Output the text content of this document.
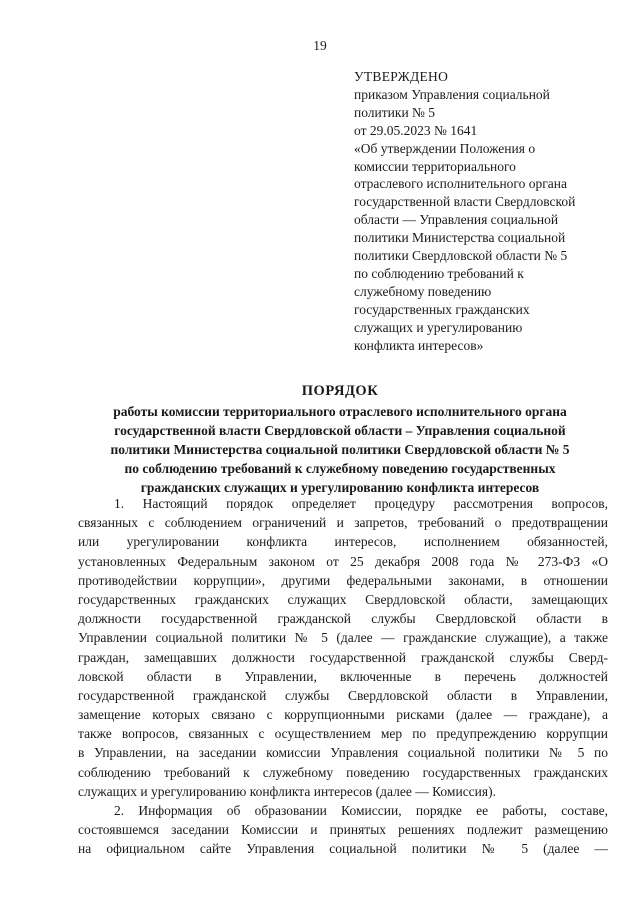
19
УТВЕРЖДЕНО
приказом Управления социальной
политики № 5
от 29.05.2023 № 1641
«Об утверждении Положения о
комиссии территориального
отраслевого исполнительного органа
государственной власти Свердловской
области — Управления социальной
политики Министерства социальной
политики Свердловской области № 5
по соблюдению требований к
служебному поведению
государственных гражданских
служащих и урегулированию
конфликта интересов»
ПОРЯДОК
работы комиссии территориального отраслевого исполнительного органа
государственной власти Свердловской области – Управления социальной
политики Министерства социальной политики Свердловской области № 5
по соблюдению требований к служебному поведению государственных
гражданских служащих и урегулированию конфликта интересов
1. Настоящий порядок определяет процедуру рассмотрения вопросов,
связанных с соблюдением ограничений и запретов, требований о предотвращении
или урегулировании конфликта интересов, исполнением обязанностей,
установленных Федеральным законом от 25 декабря 2008 года № 273-ФЗ «О
противодействии коррупции», другими федеральными законами, в отношении
государственных гражданских служащих Свердловской области, замещающих
должности государственной гражданской службы Свердловской области в
Управлении социальной политики № 5 (далее — гражданские служащие), а также
граждан, замещавших должности государственной гражданской службы Сверд-
ловской области в Управлении, включенные в перечень должностей
государственной гражданской службы Свердловской области в Управлении,
замещение которых связано с коррупционными рисками (далее — граждане), а
также вопросов, связанных с осуществлением мер по предупреждению коррупции
в Управлении, на заседании комиссии Управления социальной политики № 5 по
соблюдению требований к служебному поведению государственных гражданских
служащих и урегулированию конфликта интересов (далее — Комиссия).
2. Информация об образовании Комиссии, порядке ее работы, составе,
состоявшемся заседании Комиссии и принятых решениях подлежит размещению
на официальном сайте Управления социальной политики № 5 (далее —
